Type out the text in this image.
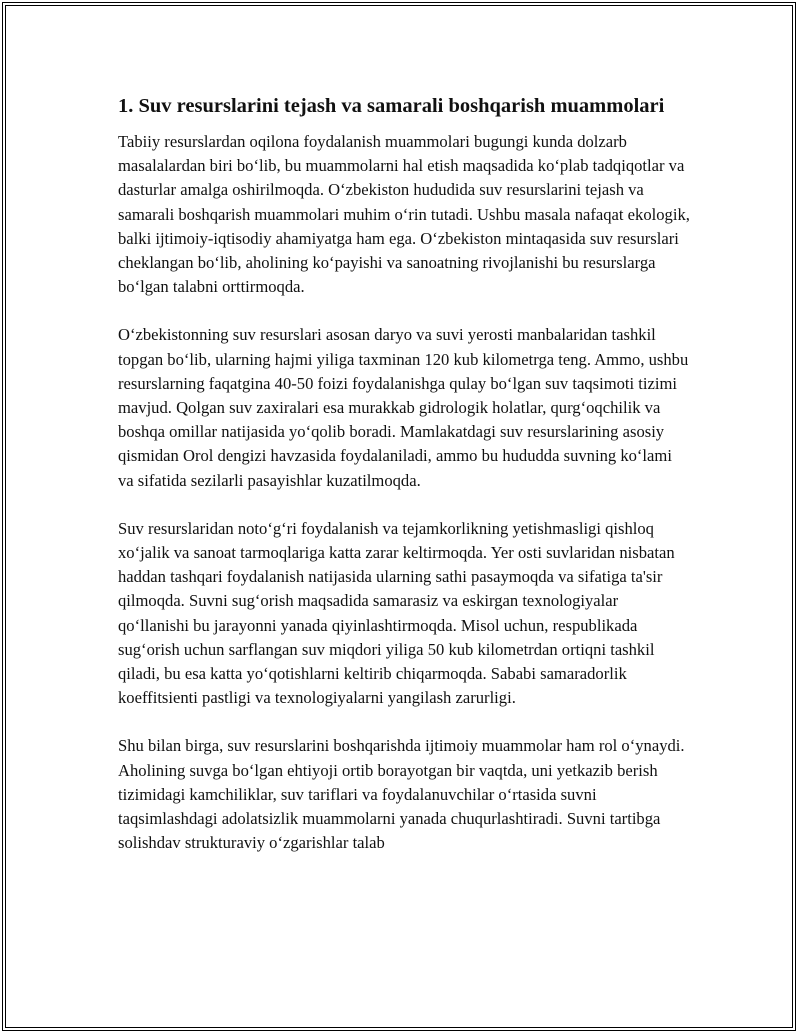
1. Suv resurslarini tejash va samarali boshqarish muammolari

Tabiiy resurslardan oqilona foydalanish muammolari bugungi kunda dolzarb masalalardan biri bo‘lib, bu muammolarni hal etish maqsadida ko‘plab tadqiqotlar va dasturlar amalga oshirilmoqda. O‘zbekiston hududida suv resurslarini tejash va samarali boshqarish muammolari muhim o‘rin tutadi. Ushbu masala nafaqat ekologik, balki ijtimoiy-iqtisodiy ahamiyatga ham ega. O‘zbekiston mintaqasida suv resurslari cheklangan bo‘lib, aholining ko‘payishi va sanoatning rivojlanishi bu resurslarga bo‘lgan talabni orttirmoqda.

O‘zbekistonning suv resurslari asosan daryo va suvi yerosti manbalaridan tashkil topgan bo‘lib, ularning hajmi yiliga taxminan 120 kub kilometrga teng. Ammo, ushbu resurslarning faqatgina 40-50 foizi foydalanishga qulay bo‘lgan suv taqsimoti tizimi mavjud. Qolgan suv zaxiralari esa murakkab gidrologik holatlar, qurg‘oqchilik va boshqa omillar natijasida yo‘qolib boradi. Mamlakatdagi suv resurslarining asosiy qismidan Orol dengizi havzasida foydalaniladi, ammo bu hududda suvning ko‘lami va sifatida sezilarli pasayishlar kuzatilmoqda.

Suv resurslaridan noto‘g‘ri foydalanish va tejamkorlikning yetishmasligi qishloq xo‘jalik va sanoat tarmoqlariga katta zarar keltirmoqda. Yer osti suvlaridan nisbatan haddan tashqari foydalanish natijasida ularning sathi pasaymoqda va sifatiga ta'sir qilmoqda. Suvni sug‘orish maqsadida samarasiz va eskirgan texnologiyalar qo‘llanishi bu jarayonni yanada qiyinlashtirmoqda. Misol uchun, respublikada sug‘orish uchun sarflangan suv miqdori yiliga 50 kub kilometrdan ortiqni tashkil qiladi, bu esa katta yo‘qotishlarni keltirib chiqarmoqda. Sababi samaradorlik koeffitsienti pastligi va texnologiyalarni yangilash zarurligi.

Shu bilan birga, suv resurslarini boshqarishda ijtimoiy muammolar ham rol o‘ynaydi. Aholining suvga bo‘lgan ehtiyoji ortib borayotgan bir vaqtda, uni yetkazib berish tizimidagi kamchiliklar, suv tariflari va foydalanuvchilar o‘rtasida suvni taqsimlashdagi adolatsizlik muammolarni yanada chuqurlashtiradi. Suvni tartibga solishdav strukturaviy o‘zgarishlar talab
